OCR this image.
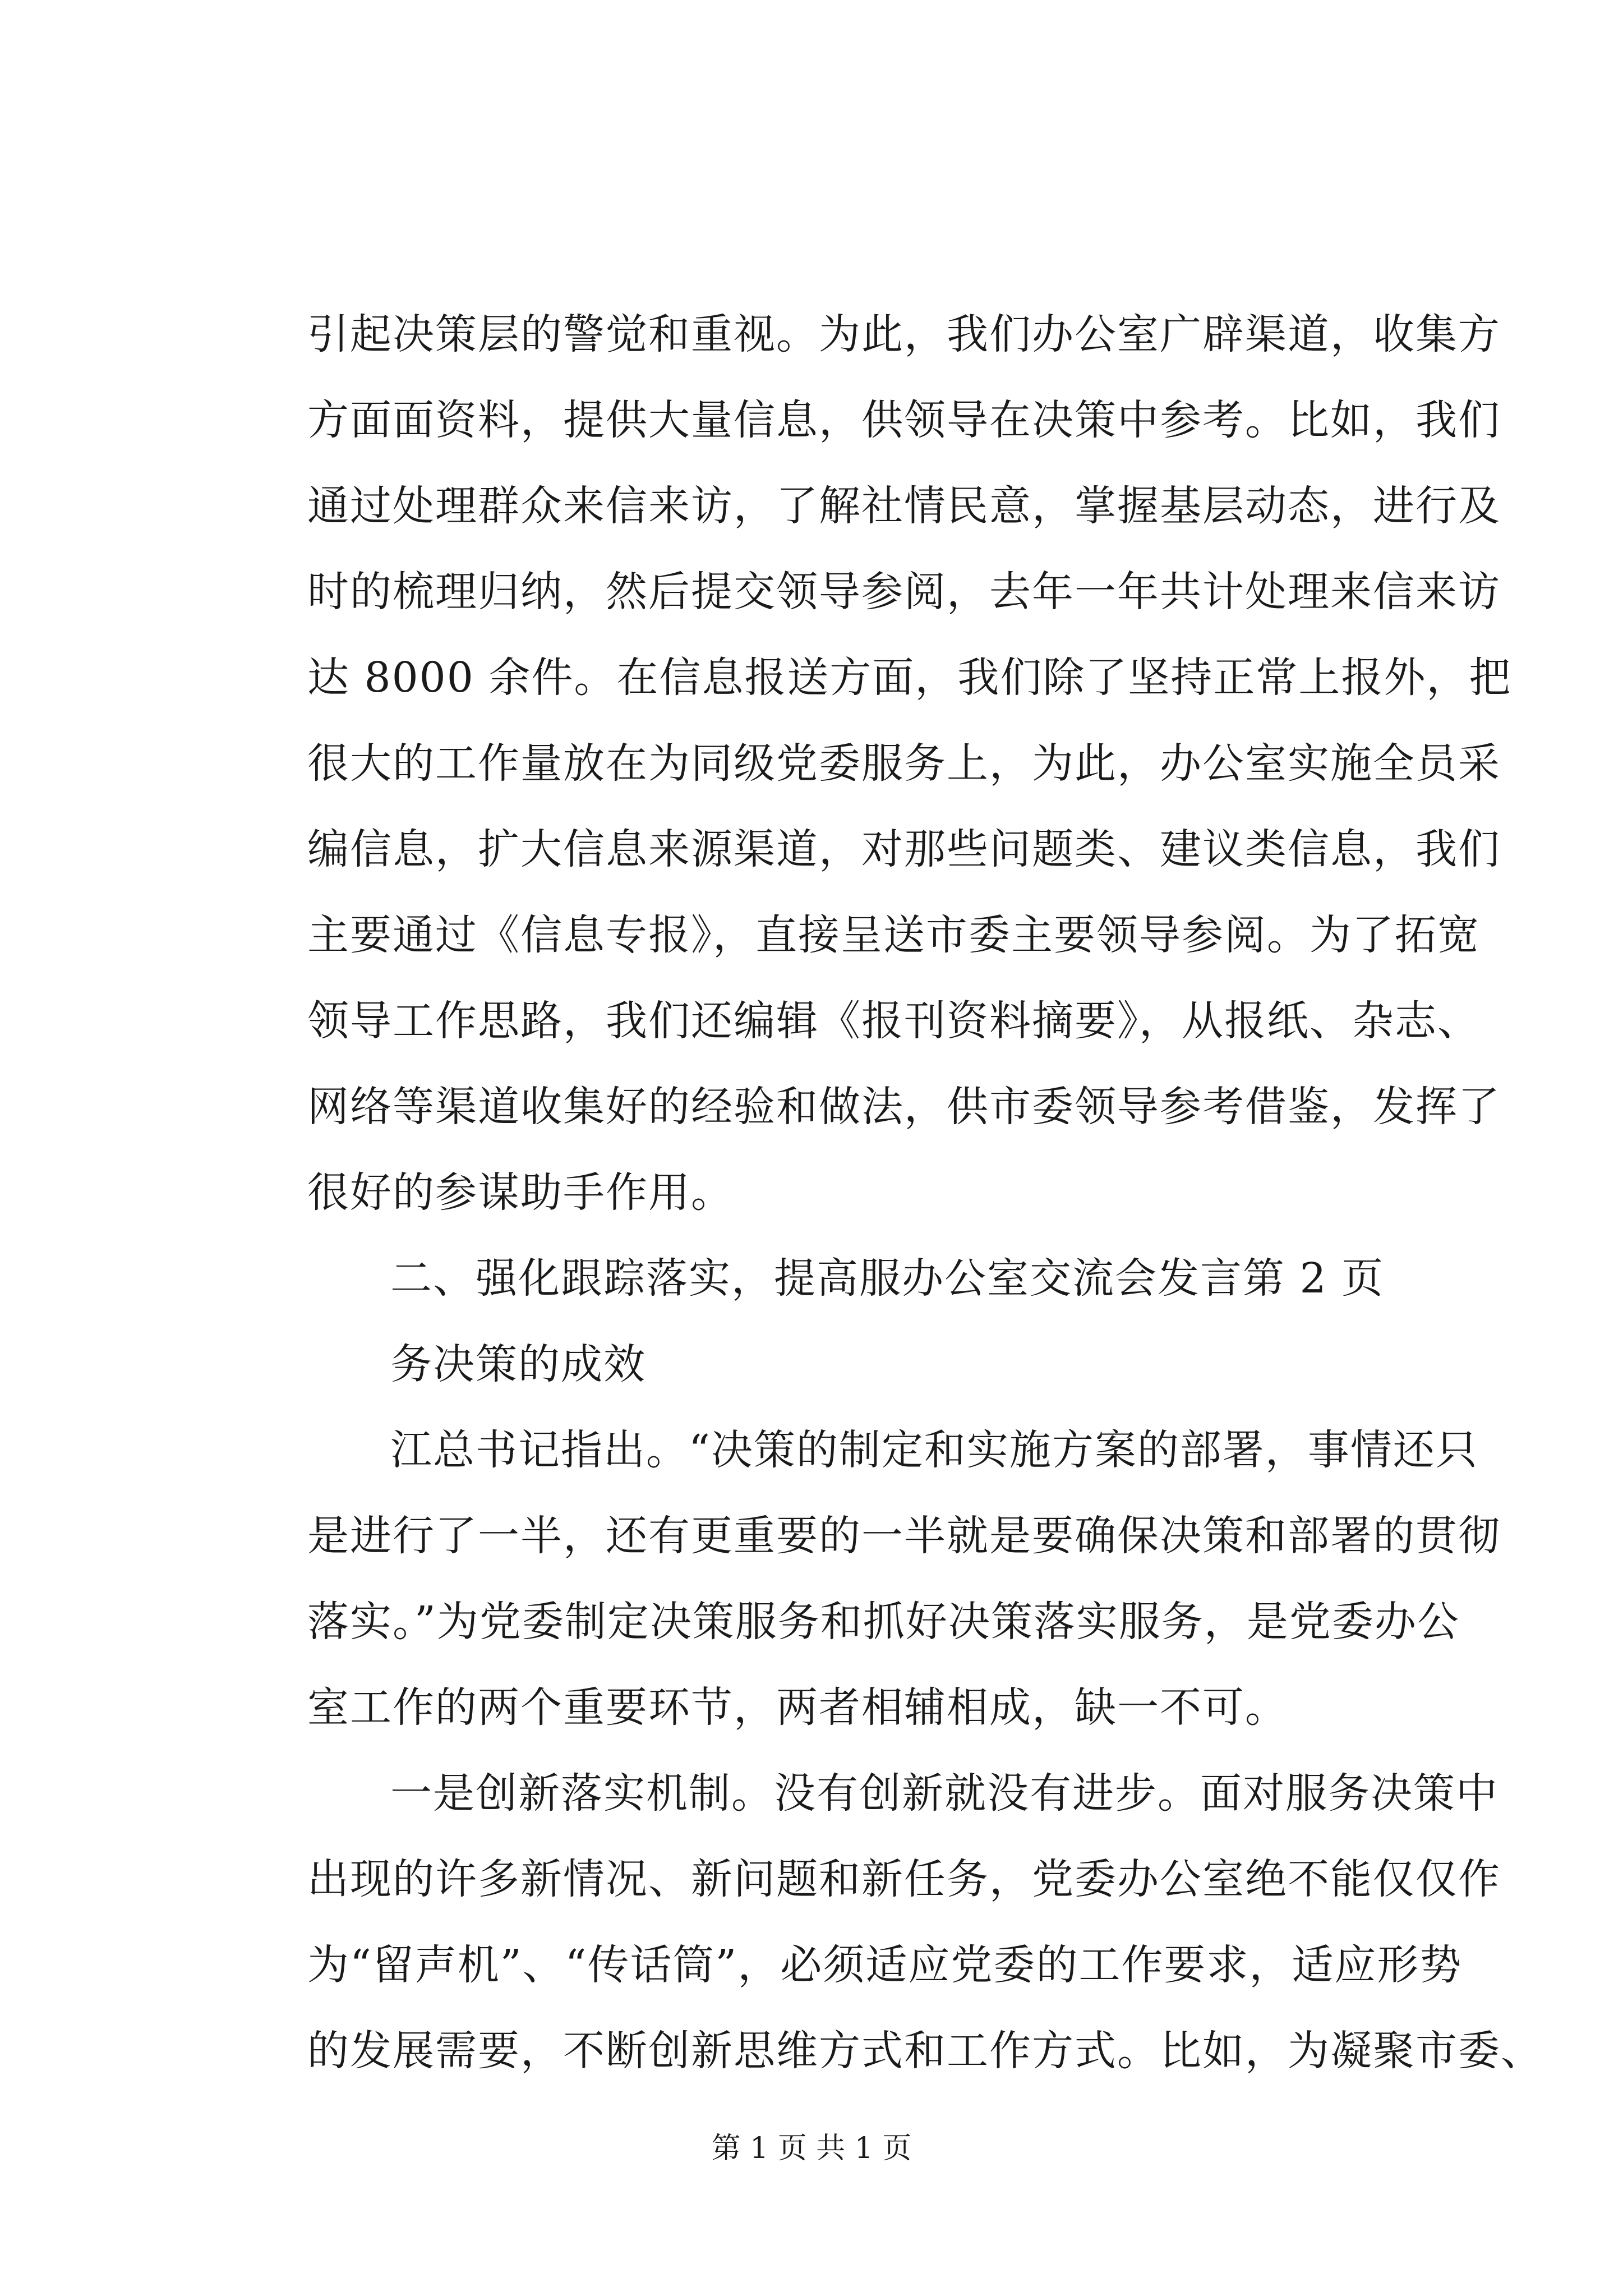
引起决策层的警觉和重视。为此，我们办公室广辟渠道，收集方

方面面资料，提供大量信息，供领导在决策中参考。比如，我们

通过处理群众来信来访，了解社情民意，掌握基层动态，进行及

时的梳理归纳，然后提交领导参阅，去年一年共计处理来信来访

达 8000 余件。在信息报送方面，我们除了坚持正常上报外，把

很大的工作量放在为同级党委服务上，为此，办公室实施全员采

编信息，扩大信息来源渠道，对那些问题类、建议类信息，我们

主要通过《信息专报》，直接呈送市委主要领导参阅。为了拓宽

领导工作思路，我们还编辑《报刊资料摘要》，从报纸、杂志、

网络等渠道收集好的经验和做法，供市委领导参考借鉴，发挥了

很好的参谋助手作用。

二、强化跟踪落实，提高服办公室交流会发言第 2 页

务决策的成效

江总书记指出。“决策的制定和实施方案的部署，事情还只

是进行了一半，还有更重要的一半就是要确保决策和部署的贯彻

落实。”为党委制定决策服务和抓好决策落实服务，是党委办公

室工作的两个重要环节，两者相辅相成，缺一不可。

一是创新落实机制。没有创新就没有进步。面对服务决策中

出现的许多新情况、新问题和新任务，党委办公室绝不能仅仅作

为“留声机”、“传话筒”，必须适应党委的工作要求，适应形势

的发展需要，不断创新思维方式和工作方式。比如，为凝聚市委、

第 1 页 共 1 页
